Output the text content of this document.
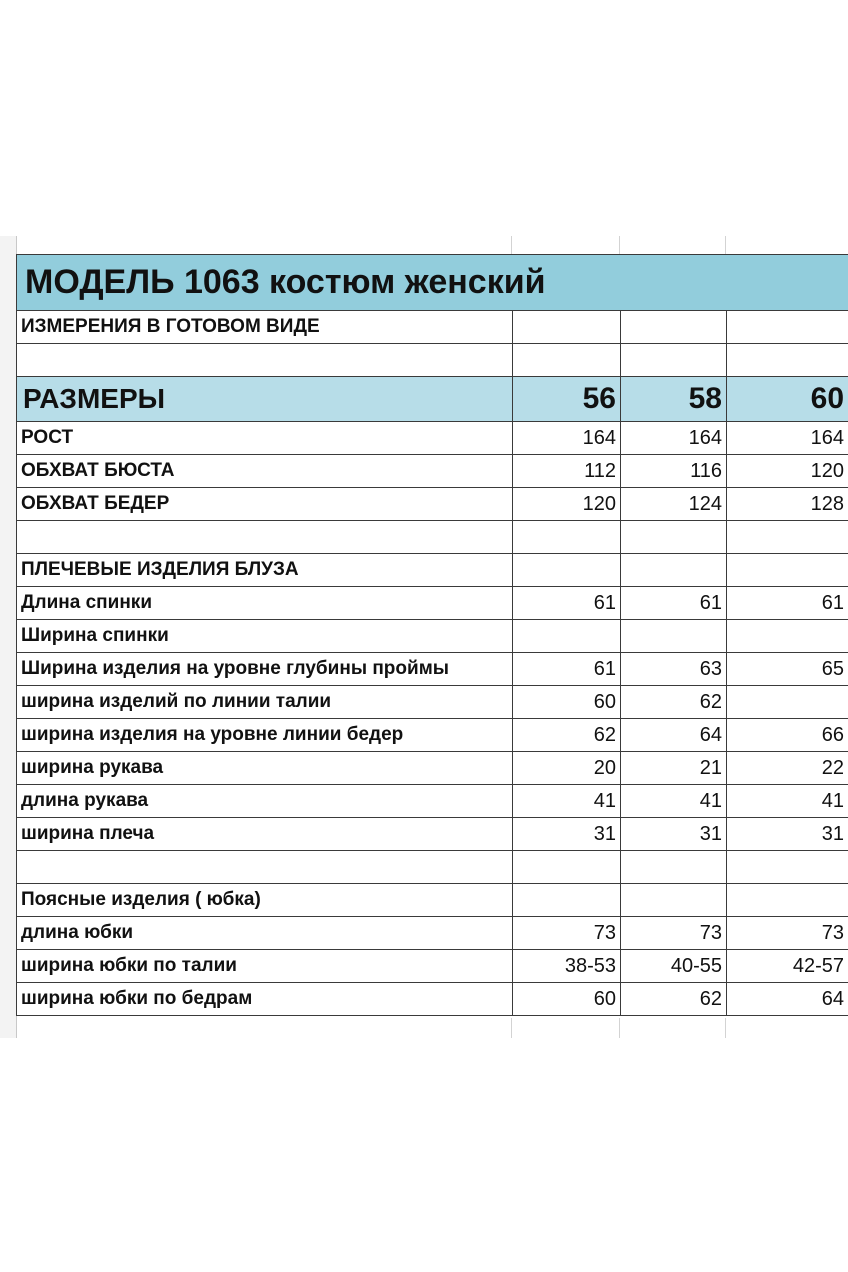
МОДЕЛЬ 1063 костюм женский			
ИЗМЕРЕНИЯ В ГОТОВОМ ВИДЕ			

РАЗМЕРЫ	56	58	60
РОСТ	164	164	164
ОБХВАТ БЮСТА	112	116	120
ОБХВАТ БЕДЕР	120	124	128

ПЛЕЧЕВЫЕ ИЗДЕЛИЯ БЛУЗА			
Длина спинки	61	61	61
Ширина спинки			
Ширина изделия на уровне глубины проймы	61	63	65
ширина изделий по линии талии	60	62	
ширина изделия на уровне линии бедер	62	64	66
ширина рукава	20	21	22
длина рукава	41	41	41
ширина плеча	31	31	31

Поясные изделия ( юбка)			
длина юбки	73	73	73
ширина юбки по талии	38-53	40-55	42-57
ширина юбки по бедрам	60	62	64
